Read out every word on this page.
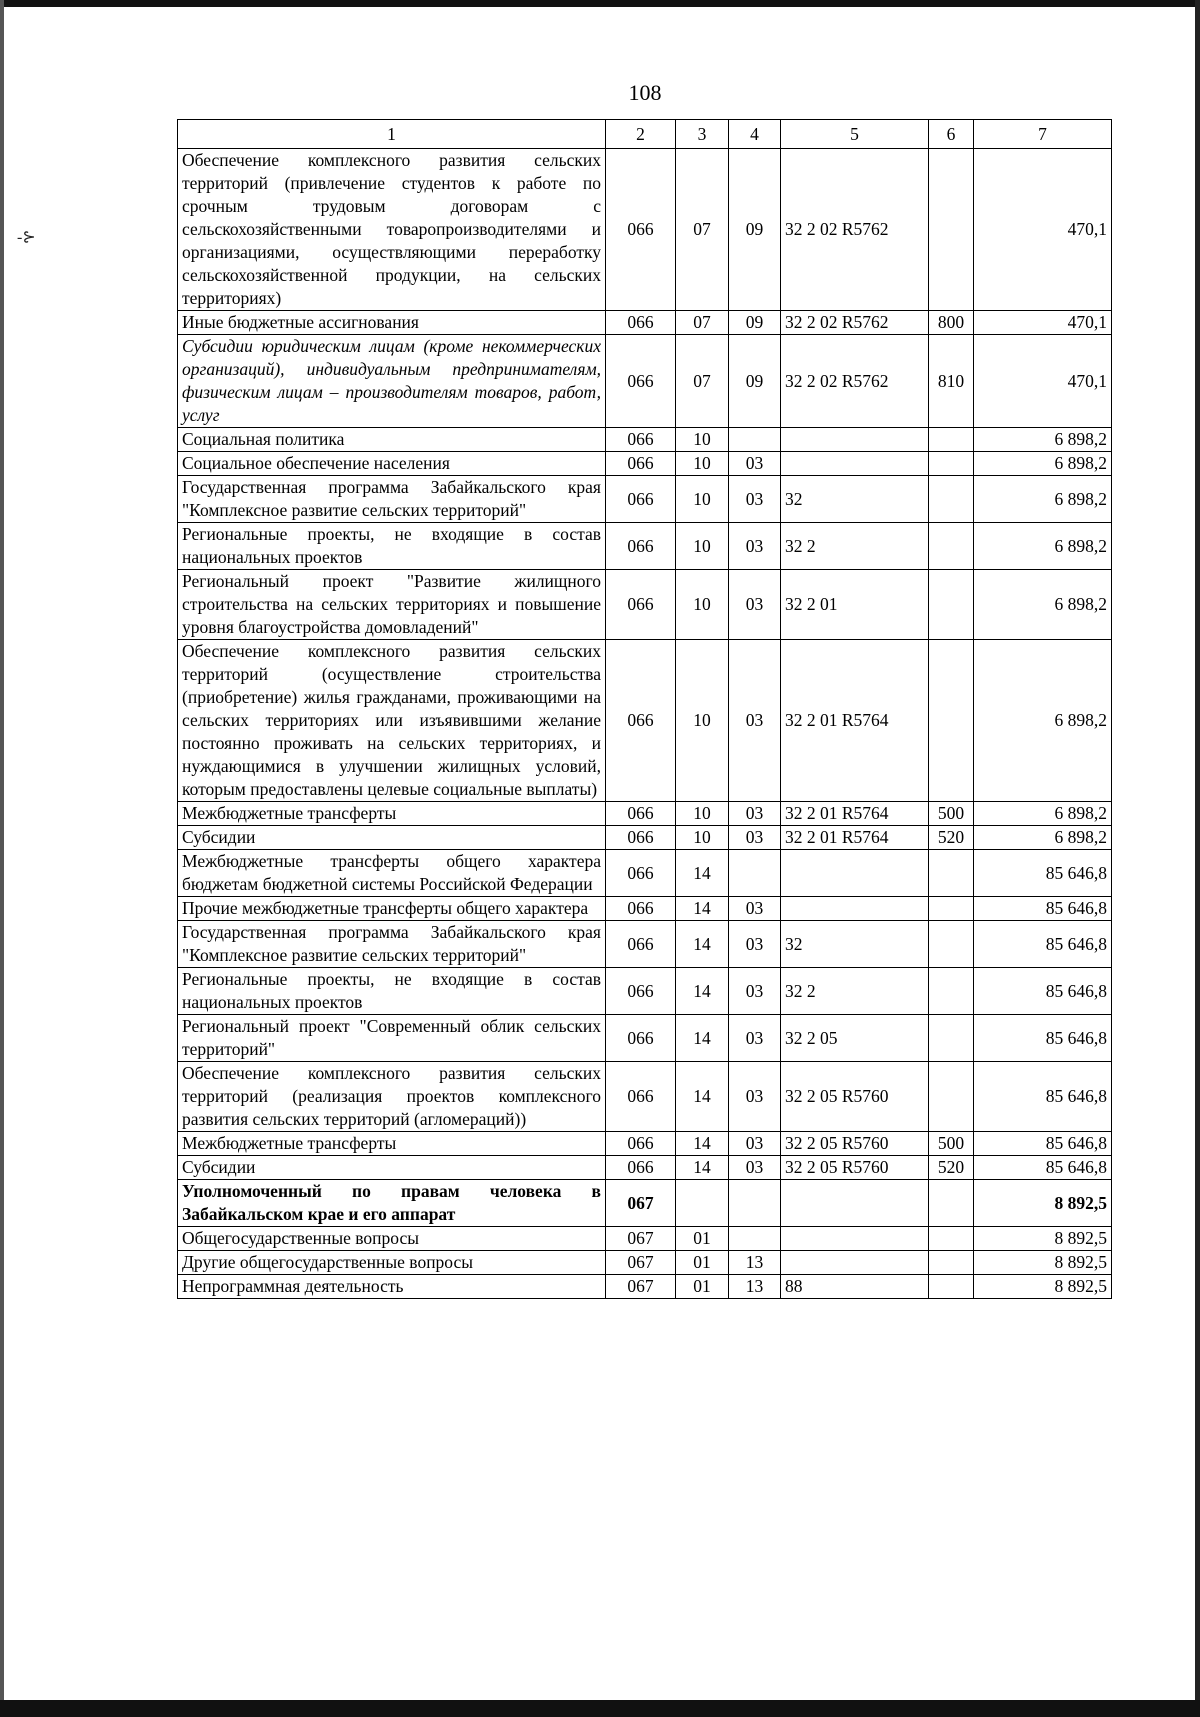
-⊱
108
1	2	3	4	5	6	7
Обеспечение комплексного развития сельских территорий (привлечение студентов к работе по срочным трудовым договорам с сельскохозяйственными товаропроизводителями и организациями, осуществляющими переработку сельскохозяйственной продукции, на сельских территориях)	066	07	09	32 2 02 R5762		470,1
Иные бюджетные ассигнования	066	07	09	32 2 02 R5762	800	470,1
Субсидии юридическим лицам (кроме некоммерческих организаций), индивидуальным предпринимателям, физическим лицам – производителям товаров, работ, услуг	066	07	09	32 2 02 R5762	810	470,1
Социальная политика	066	10				6 898,2
Социальное обеспечение населения	066	10	03			6 898,2
Государственная программа Забайкальского края "Комплексное развитие сельских территорий"	066	10	03	32		6 898,2
Региональные проекты, не входящие в состав национальных проектов	066	10	03	32 2		6 898,2
Региональный проект "Развитие жилищного строительства на сельских территориях и повышение уровня благоустройства домовладений"	066	10	03	32 2 01		6 898,2
Обеспечение комплексного развития сельских территорий (осуществление строительства (приобретение) жилья гражданами, проживающими на сельских территориях или изъявившими желание постоянно проживать на сельских территориях, и нуждающимися в улучшении жилищных условий, которым предоставлены целевые социальные выплаты)	066	10	03	32 2 01 R5764		6 898,2
Межбюджетные трансферты	066	10	03	32 2 01 R5764	500	6 898,2
Субсидии	066	10	03	32 2 01 R5764	520	6 898,2
Межбюджетные трансферты общего характера бюджетам бюджетной системы Российской Федерации	066	14				85 646,8
Прочие межбюджетные трансферты общего характера	066	14	03			85 646,8
Государственная программа Забайкальского края "Комплексное развитие сельских территорий"	066	14	03	32		85 646,8
Региональные проекты, не входящие в состав национальных проектов	066	14	03	32 2		85 646,8
Региональный проект "Современный облик сельских территорий"	066	14	03	32 2 05		85 646,8
Обеспечение комплексного развития сельских территорий (реализация проектов комплексного развития сельских территорий (агломераций))	066	14	03	32 2 05 R5760		85 646,8
Межбюджетные трансферты	066	14	03	32 2 05 R5760	500	85 646,8
Субсидии	066	14	03	32 2 05 R5760	520	85 646,8
Уполномоченный по правам человека в Забайкальском крае и его аппарат	067					8 892,5
Общегосударственные вопросы	067	01				8 892,5
Другие общегосударственные вопросы	067	01	13			8 892,5
Непрограммная деятельность	067	01	13	88		8 892,5
